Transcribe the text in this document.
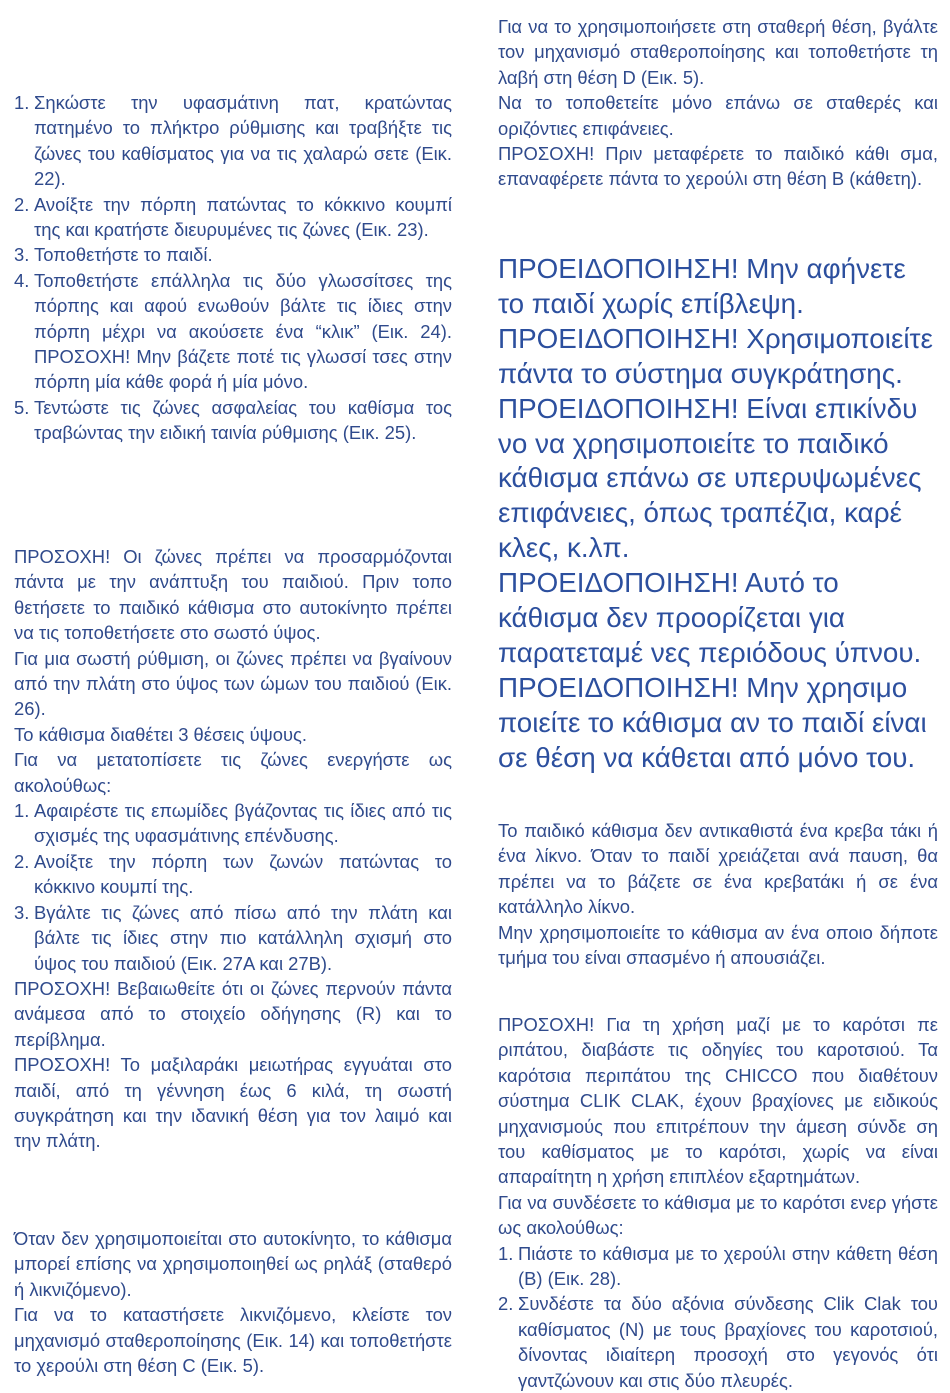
1. Σηκώστε την υφασμάτινη πατ, κρατώντας πατημένο το πλήκτρο ρύθμισης και τραβήξτε τις ζώνες του καθίσματος για να τις χαλαρώ σετε (Εικ. 22).
2. Ανοίξτε την πόρπη πατώντας το κόκκινο κουμπί της και κρατήστε διευρυμένες τις ζώνες (Εικ. 23).
3. Τοποθετήστε το παιδί.
4. Τοποθετήστε επάλληλα τις δύο γλωσσίτσες της πόρπης και αφού ενωθούν βάλτε τις ίδιες στην πόρπη μέχρι να ακούσετε ένα “κλικ” (Εικ. 24). ΠΡΟΣΟΧΗ! Μην βάζετε ποτέ τις γλωσσί τσες στην πόρπη μία κάθε φορά ή μία μόνο.
5. Τεντώστε τις ζώνες ασφαλείας του καθίσμα τος τραβώντας την ειδική ταινία ρύθμισης (Εικ. 25).

ΠΡΟΣΟΧΗ! Οι ζώνες πρέπει να προσαρμόζονται πάντα με την ανάπτυξη του παιδιού. Πριν τοπο θετήσετε το παιδικό κάθισμα στο αυτοκίνητο πρέπει να τις τοποθετήσετε στο σωστό ύψος.

Για μια σωστή ρύθμιση, οι ζώνες πρέπει να βγαίνουν από την πλάτη στο ύψος των ώμων του παιδιού (Εικ. 26).

Το κάθισμα διαθέτει 3 θέσεις ύψους.

Για να μετατοπίσετε τις ζώνες ενεργήστε ως ακολούθως:

1. Αφαιρέστε τις επωμίδες βγάζοντας τις ίδιες από τις σχισμές της υφασμάτινης επένδυσης.
2. Ανοίξτε την πόρπη των ζωνών πατώντας το κόκκινο κουμπί της.
3. Βγάλτε τις ζώνες από πίσω από την πλάτη και βάλτε τις ίδιες στην πιο κατάλληλη σχισμή στο ύψος του παιδιού (Εικ. 27A και 27B).

ΠΡΟΣΟΧΗ! Βεβαιωθείτε ότι οι ζώνες περνούν πάντα ανάμεσα από το στοιχείο οδήγησης (R) και το περίβλημα.

ΠΡΟΣΟΧΗ! Το μαξιλαράκι μειωτήρας εγγυάται στο παιδί, από τη γέννηση έως 6 κιλά, τη σωστή συγκράτηση και την ιδανική θέση για τον λαιμό και την πλάτη.

Όταν δεν χρησιμοποιείται στο αυτοκίνητο, το κάθισμα μπορεί επίσης να χρησιμοποιηθεί ως ρηλάξ (σταθερό ή λικνιζόμενο).

Για να το καταστήσετε λικνιζόμενο, κλείστε τον μηχανισμό σταθεροποίησης (Εικ. 14) και τοποθετήστε το χερούλι στη θέση C (Εικ. 5).

Για να το χρησιμοποιήσετε στη σταθερή θέση, βγάλτε τον μηχανισμό σταθεροποίησης και τοποθετήστε τη λαβή στη θέση D (Εικ. 5).

Να το τοποθετείτε μόνο επάνω σε σταθερές και οριζόντιες επιφάνειες.

ΠΡΟΣΟΧΗ! Πριν μεταφέρετε το παιδικό κάθι σμα, επαναφέρετε πάντα το χερούλι στη θέση B (κάθετη).

ΠΡΟΕΙΔΟΠΟΙΗΣΗ! Μην αφήνετε το παιδί χωρίς επίβλεψη.

ΠΡΟΕΙΔΟΠΟΙΗΣΗ! Χρησιμοποιείτε πάντα το σύστημα συγκράτησης.

ΠΡΟΕΙΔΟΠΟΙΗΣΗ! Είναι επικίνδυ νο να χρησιμοποιείτε το παιδικό κάθισμα επάνω σε υπερυψωμένες επιφάνειες, όπως τραπέζια, καρέ κλες, κ.λπ.

ΠΡΟΕΙΔΟΠΟΙΗΣΗ! Αυτό το κάθισμα δεν προορίζεται για παρατεταμέ νες περιόδους ύπνου.

ΠΡΟΕΙΔΟΠΟΙΗΣΗ! Μην χρησιμο ποιείτε το κάθισμα αν το παιδί είναι σε θέση να κάθεται από μόνο του.

Το παιδικό κάθισμα δεν αντικαθιστά ένα κρεβα τάκι ή ένα λίκνο. Όταν το παιδί χρειάζεται ανά παυση, θα πρέπει να το βάζετε σε ένα κρεβατάκι ή σε ένα κατάλληλο λίκνο.

Μην χρησιμοποιείτε το κάθισμα αν ένα οποιο δήποτε τμήμα του είναι σπασμένο ή απουσιάζει.

ΠΡΟΣΟΧΗ! Για τη χρήση μαζί με το καρότσι πε ριπάτου, διαβάστε τις οδηγίες του καροτσιού. Τα καρότσια περιπάτου της CHICCO που διαθέτουν σύστημα CLIK CLAK, έχουν βραχίονες με ειδικούς μηχανισμούς που επιτρέπουν την άμεση σύνδε ση του καθίσματος με το καρότσι, χωρίς να είναι απαραίτητη η χρήση επιπλέον εξαρτημάτων.

Για να συνδέσετε το κάθισμα με το καρότσι ενερ γήστε ως ακολούθως:

1. Πιάστε το κάθισμα με το χερούλι στην κάθετη θέση (B) (Εικ. 28).
2. Συνδέστε τα δύο αξόνια σύνδεσης Clik Clak του καθίσματος (N) με τους βραχίονες του καροτσιού, δίνοντας ιδιαίτερη προσοχή στο γεγονός ότι γαντζώνουν και στις δύο πλευρές.
